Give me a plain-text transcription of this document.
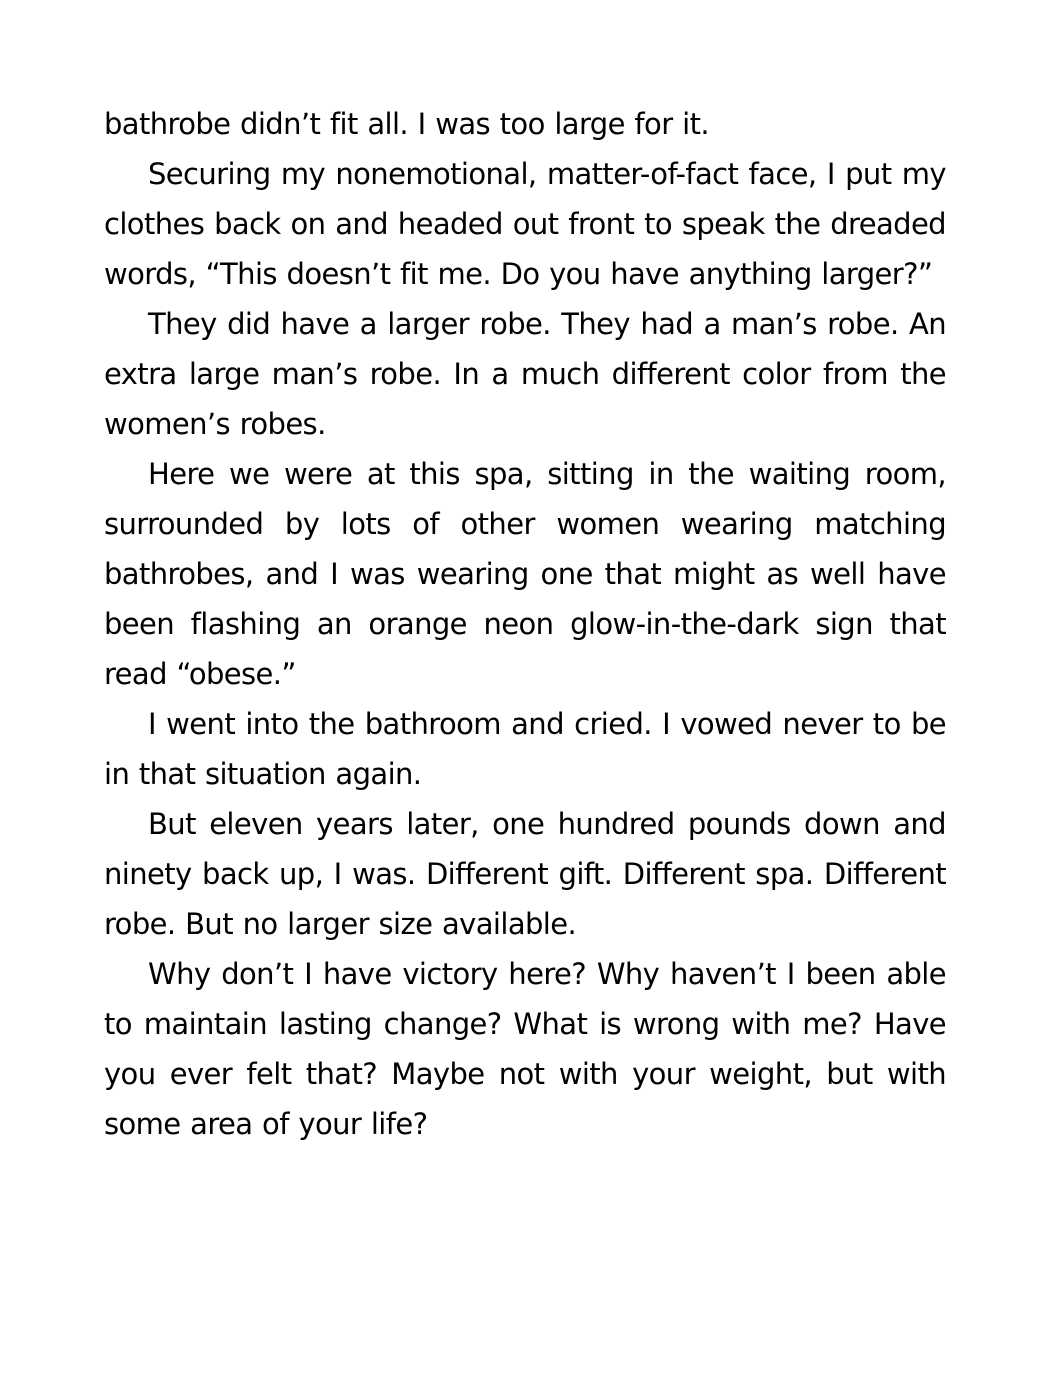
bathrobe didn’t fit all. I was too large for it.

Securing my nonemotional, matter-of-fact face, I put my clothes back on and headed out front to speak the dreaded words, “This doesn’t fit me. Do you have anything larger?”

They did have a larger robe. They had a man’s robe. An extra large man’s robe. In a much different color from the women’s robes.

Here we were at this spa, sitting in the waiting room, surrounded by lots of other women wearing matching bathrobes, and I was wearing one that might as well have been flashing an orange neon glow-in-the-dark sign that read “obese.”

I went into the bathroom and cried. I vowed never to be in that situation again.

But eleven years later, one hundred pounds down and ninety back up, I was. Different gift. Different spa. Different robe. But no larger size available.

Why don’t I have victory here? Why haven’t I been able to maintain lasting change? What is wrong with me? Have you ever felt that? Maybe not with your weight, but with some area of your life?
